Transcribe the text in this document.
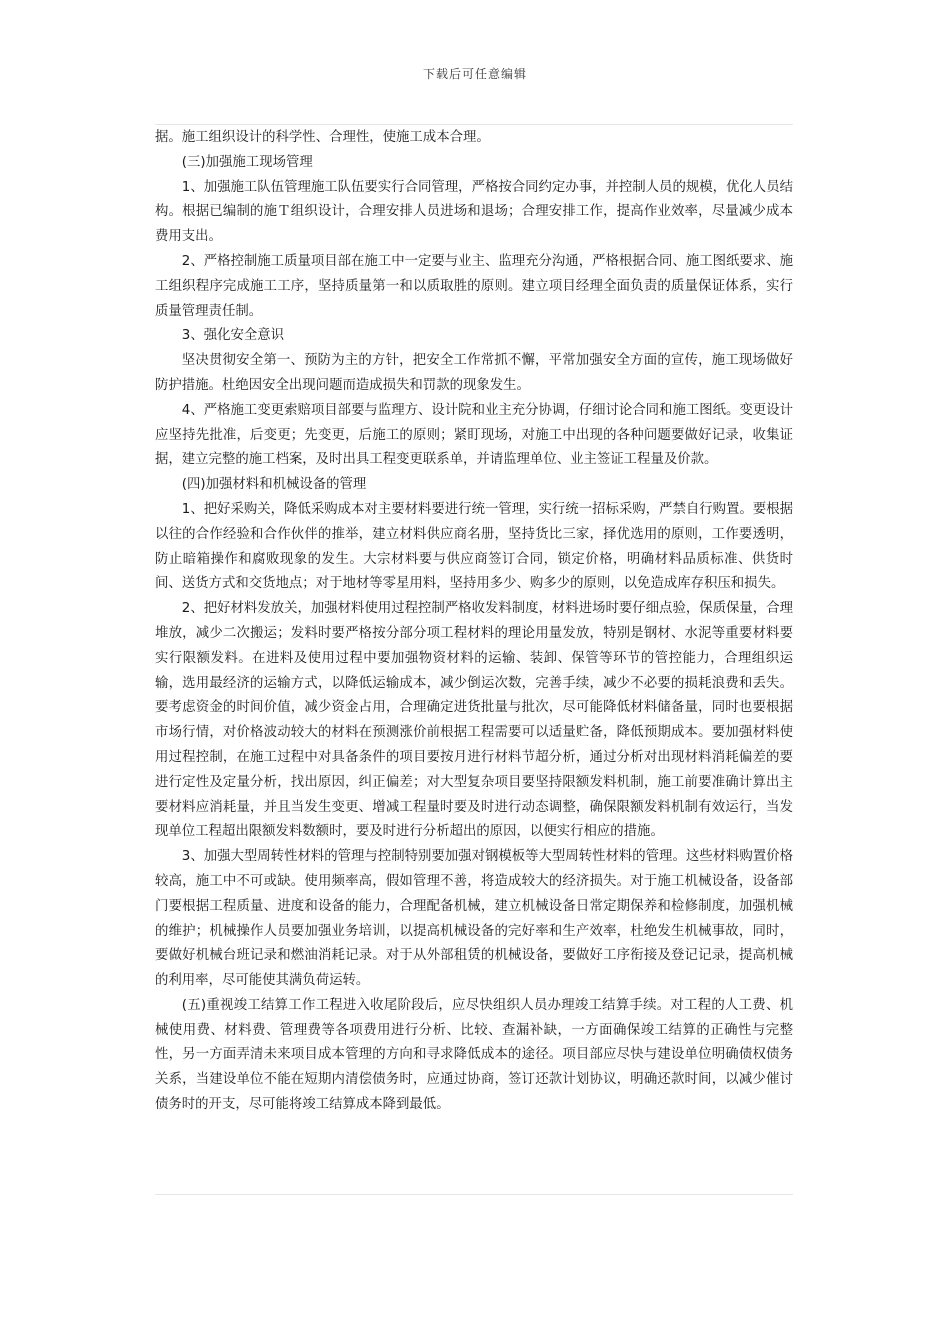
下载后可任意编辑

据。施工组织设计的科学性、合理性，使施工成本合理。

(三)加强施工现场管理

1、加强施工队伍管理施工队伍要实行合同管理，严格按合同约定办事，并控制人员的规模，优化人员结构。根据已编制的施Ｔ组织设计，合理安排人员进场和退场；合理安排工作，提高作业效率，尽量减少成本费用支出。

2、严格控制施工质量项目部在施工中一定要与业主、监理充分沟通，严格根据合同、施工图纸要求、施工组织程序完成施工工序，坚持质量第一和以质取胜的原则。建立项目经理全面负责的质量保证体系，实行质量管理责任制。

3、强化安全意识

坚决贯彻安全第一、预防为主的方针，把安全工作常抓不懈，平常加强安全方面的宣传，施工现场做好防护措施。杜绝因安全出现问题而造成损失和罚款的现象发生。

4、严格施工变更索赔项目部要与监理方、设计院和业主充分协调，仔细讨论合同和施工图纸。变更设计应坚持先批准，后变更；先变更，后施工的原则；紧盯现场，对施工中出现的各种问题要做好记录，收集证据，建立完整的施工档案，及时出具工程变更联系单，并请监理单位、业主签证工程量及价款。

(四)加强材料和机械设备的管理

1、把好采购关，降低采购成本对主要材料要进行统一管理，实行统一招标采购，严禁自行购置。要根据以往的合作经验和合作伙伴的推举，建立材料供应商名册，坚持货比三家，择优选用的原则，工作要透明，防止暗箱操作和腐败现象的发生。大宗材料要与供应商签订合同，锁定价格，明确材料品质标准、供货时间、送货方式和交货地点；对于地材等零星用料，坚持用多少、购多少的原则，以免造成库存积压和损失。

2、把好材料发放关，加强材料使用过程控制严格收发料制度，材料进场时要仔细点验，保质保量，合理堆放，减少二次搬运；发料时要严格按分部分项工程材料的理论用量发放，特别是钢材、水泥等重要材料要实行限额发料。在进料及使用过程中要加强物资材料的运输、装卸、保管等环节的管控能力，合理组织运输，选用最经济的运输方式，以降低运输成本，减少倒运次数，完善手续，减少不必要的损耗浪费和丢失。要考虑资金的时间价值，减少资金占用，合理确定进货批量与批次，尽可能降低材料储备量，同时也要根据市场行情，对价格波动较大的材料在预测涨价前根据工程需要可以适量贮备，降低预期成本。要加强材料使用过程控制，在施工过程中对具备条件的项目要按月进行材料节超分析，通过分析对出现材料消耗偏差的要进行定性及定量分析，找出原因，纠正偏差；对大型复杂项目要坚持限额发料机制，施工前要准确计算出主要材料应消耗量，并且当发生变更、增减工程量时要及时进行动态调整，确保限额发料机制有效运行，当发现单位工程超出限额发料数额时，要及时进行分析超出的原因，以便实行相应的措施。

3、加强大型周转性材料的管理与控制特别要加强对钢模板等大型周转性材料的管理。这些材料购置价格较高，施工中不可或缺。使用频率高，假如管理不善，将造成较大的经济损失。对于施工机械设备，设备部门要根据工程质量、进度和设备的能力，合理配备机械，建立机械设备日常定期保养和检修制度，加强机械的维护；机械操作人员要加强业务培训，以提高机械设备的完好率和生产效率，杜绝发生机械事故，同时，要做好机械台班记录和燃油消耗记录。对于从外部租赁的机械设备，要做好工序衔接及登记记录，提高机械的利用率，尽可能使其满负荷运转。

(五)重视竣工结算工作工程进入收尾阶段后，应尽快组织人员办理竣工结算手续。对工程的人工费、机械使用费、材料费、管理费等各项费用进行分析、比较、查漏补缺，一方面确保竣工结算的正确性与完整性，另一方面弄清未来项目成本管理的方向和寻求降低成本的途径。项目部应尽快与建设单位明确债权债务关系，当建设单位不能在短期内清偿债务时，应通过协商，签订还款计划协议，明确还款时间，以减少催讨债务时的开支，尽可能将竣工结算成本降到最低。
